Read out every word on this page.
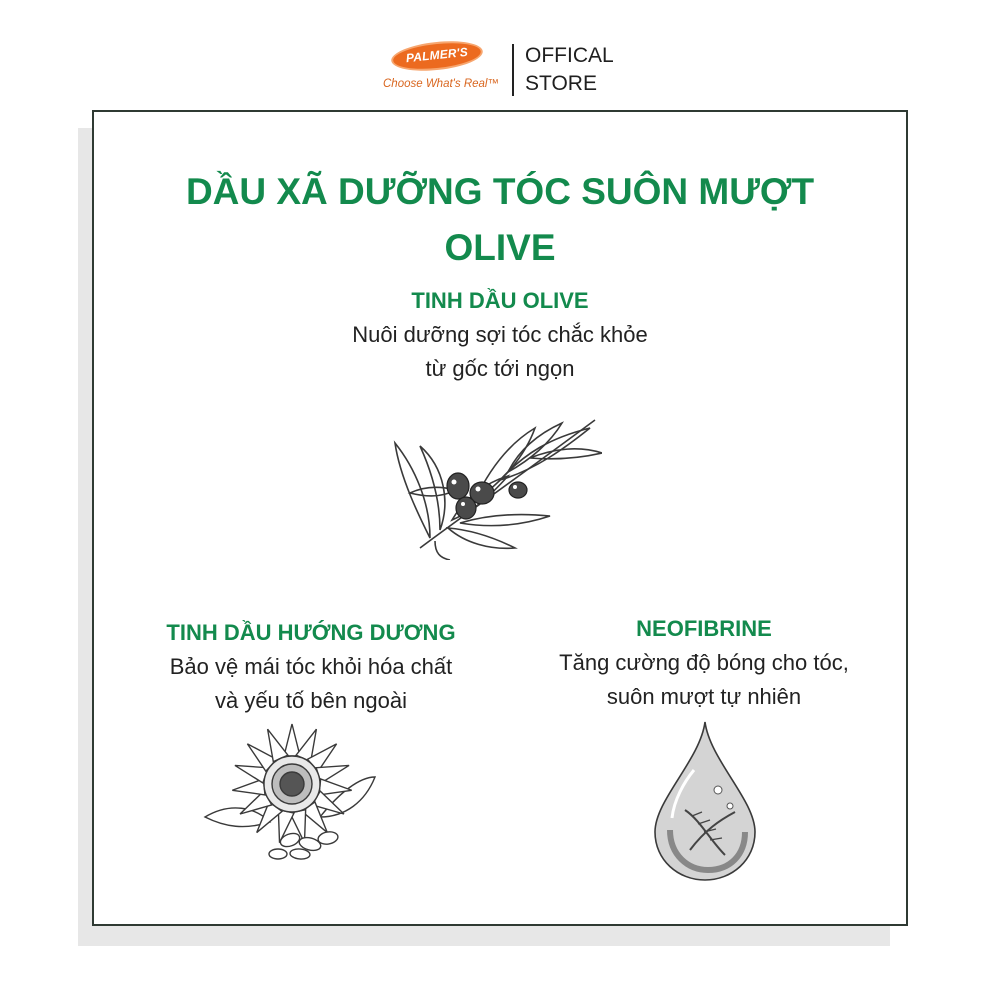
PALMER'S
Choose What's Real™
OFFICAL
STORE
DẦU XÃ DƯỠNG TÓC SUÔN MƯỢT
OLIVE
TINH DẦU OLIVE
Nuôi dưỡng sợi tóc chắc khỏe
từ gốc tới ngọn
TINH DẦU HƯỚNG DƯƠNG
Bảo vệ mái tóc khỏi hóa chất
và yếu tố bên ngoài
NEOFIBRINE
Tăng cường độ bóng cho tóc,
suôn mượt tự nhiên
